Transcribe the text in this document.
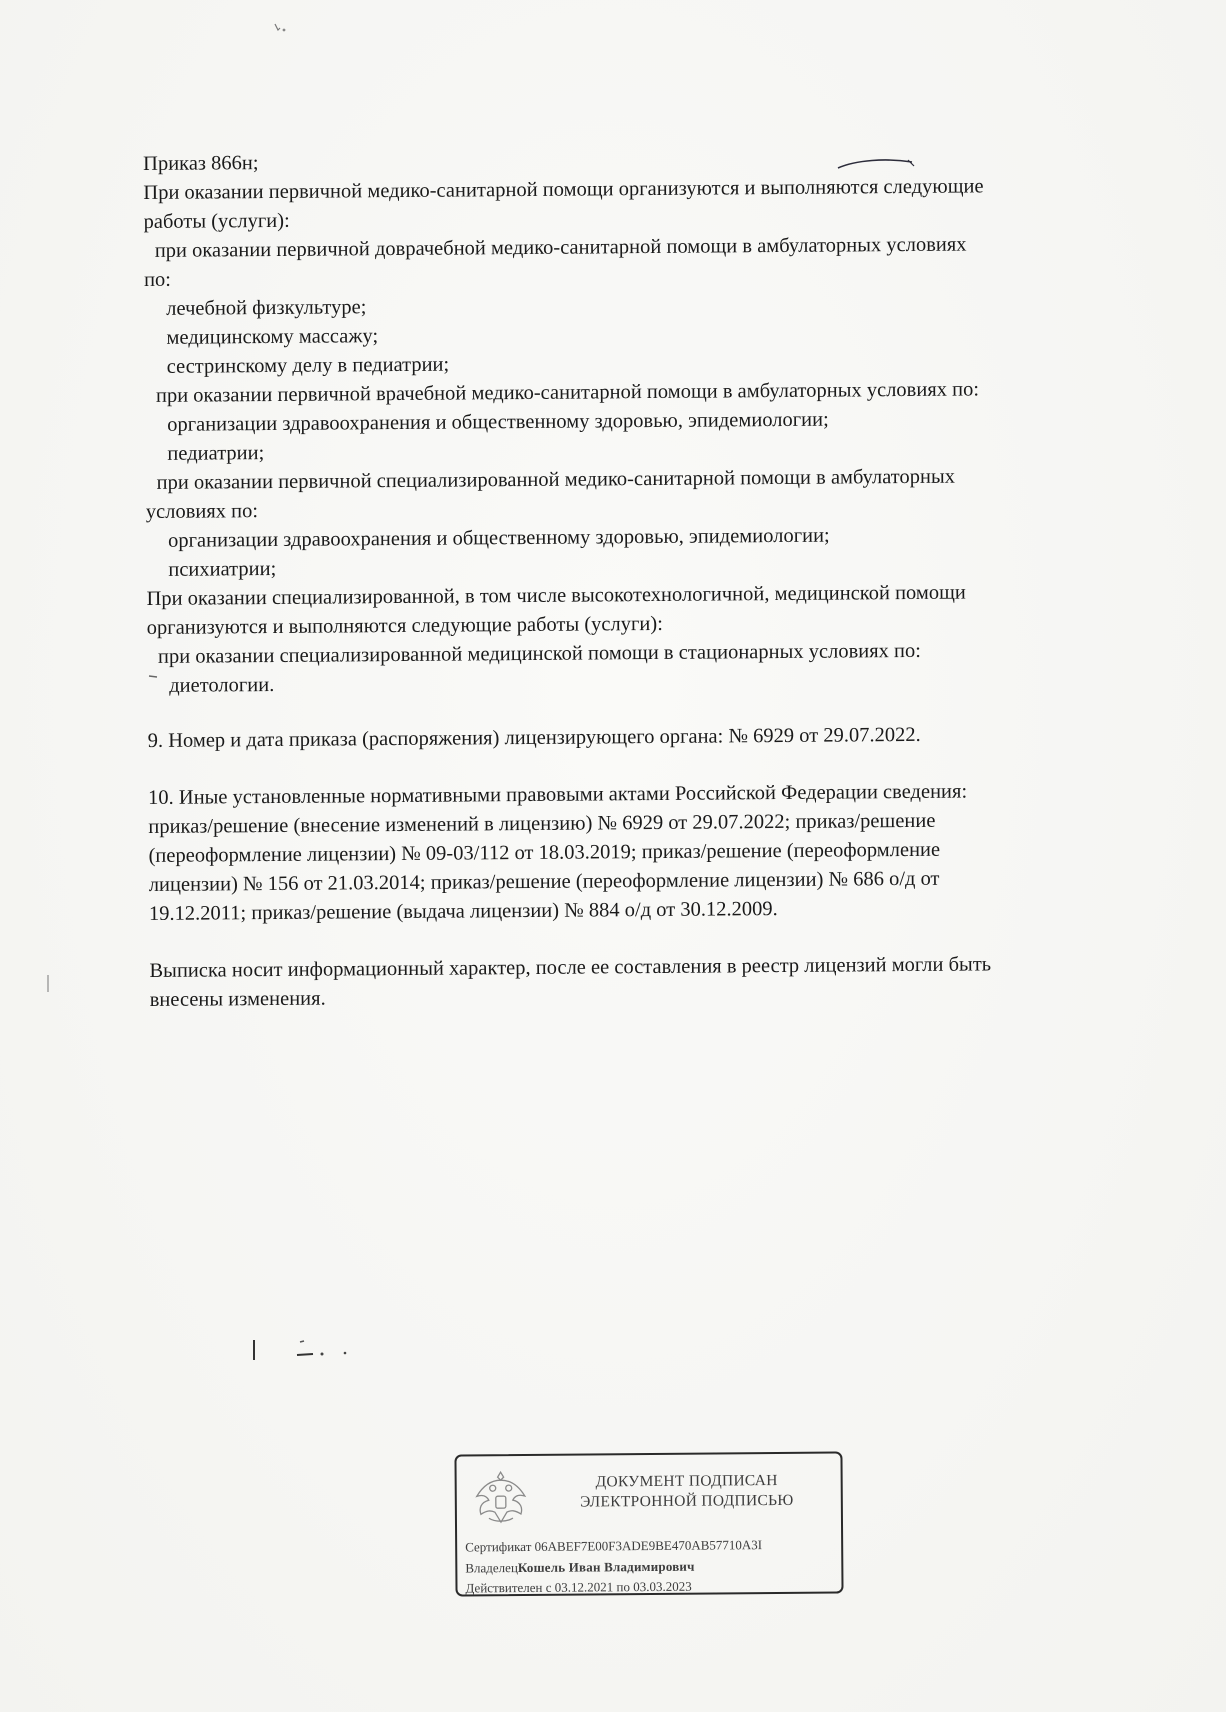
Приказ 866н;
При оказании первичной медико-санитарной помощи организуются и выполняются следующие
работы (услуги):
при оказании первичной доврачебной медико-санитарной помощи в амбулаторных условиях
по:
лечебной физкультуре;
медицинскому массажу;
сестринскому делу в педиатрии;
при оказании первичной врачебной медико-санитарной помощи в амбулаторных условиях по:
организации здравоохранения и общественному здоровью, эпидемиологии;
педиатрии;
при оказании первичной специализированной медико-санитарной помощи в амбулаторных
условиях по:
организации здравоохранения и общественному здоровью, эпидемиологии;
психиатрии;
При оказании специализированной, в том числе высокотехнологичной, медицинской помощи
организуются и выполняются следующие работы (услуги):
при оказании специализированной медицинской помощи в стационарных условиях по:
диетологии.
9. Номер и дата приказа (распоряжения) лицензирующего органа: № 6929 от 29.07.2022.
10. Иные установленные нормативными правовыми актами Российской Федерации сведения:
приказ/решение (внесение изменений в лицензию) № 6929 от 29.07.2022; приказ/решение
(переоформление лицензии) № 09-03/112 от 18.03.2019; приказ/решение (переоформление
лицензии) № 156 от 21.03.2014; приказ/решение (переоформление лицензии) № 686 о/д от
19.12.2011; приказ/решение (выдача лицензии) № 884 о/д от 30.12.2009.
Выписка носит информационный характер, после ее составления в реестр лицензий могли быть
внесены изменения.
ДОКУМЕНТ ПОДПИСАН
ЭЛЕКТРОННОЙ ПОДПИСЬЮ
Сертификат 06ABEF7E00F3ADE9BE470AB57710A3I
ВладелецКошель Иван Владимирович
Действителен с 03.12.2021 по 03.03.2023
